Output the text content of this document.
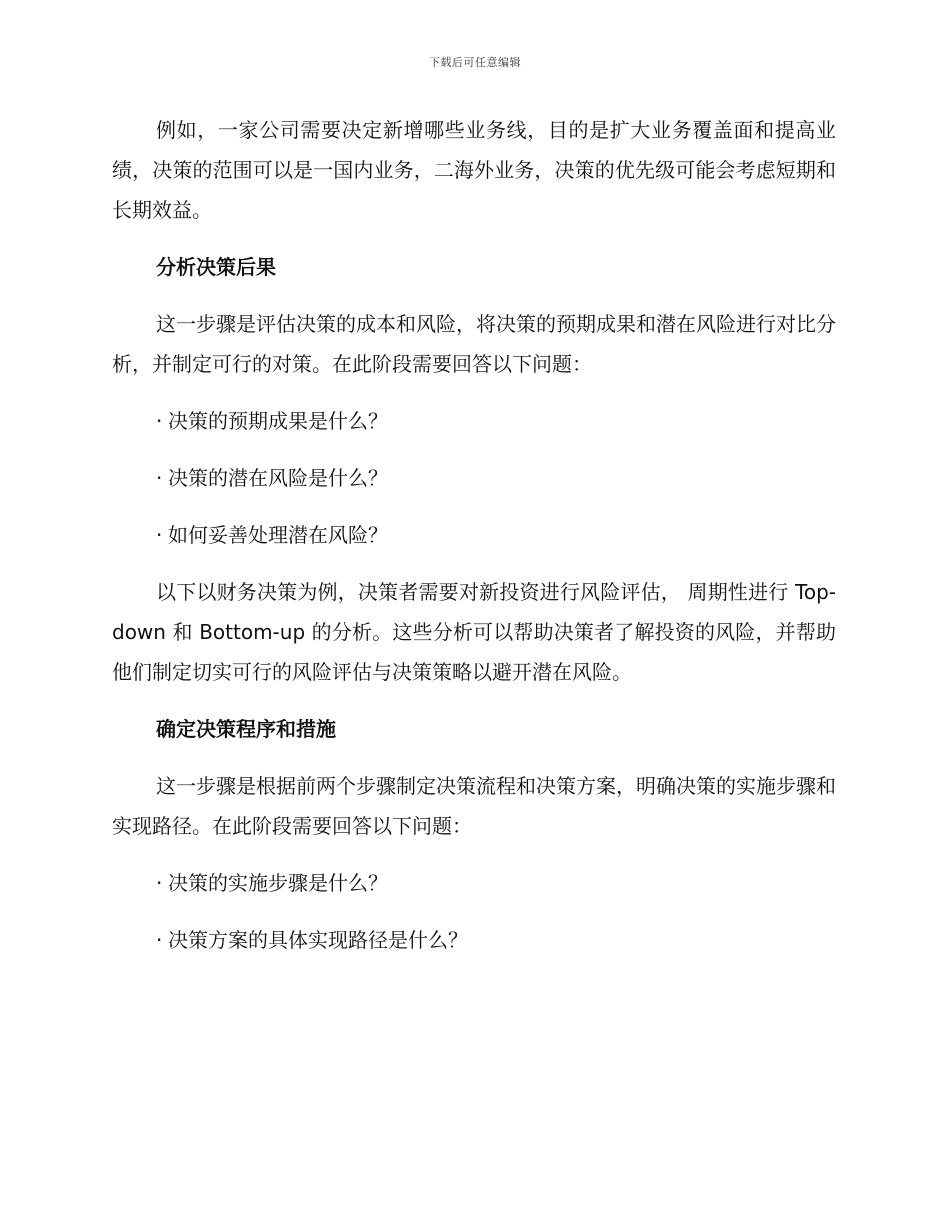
下载后可任意编辑

例如，一家公司需要决定新增哪些业务线，目的是扩大业务覆盖面和提高业绩，决策的范围可以是一国内业务，二海外业务，决策的优先级可能会考虑短期和长期效益。

分析决策后果

这一步骤是评估决策的成本和风险，将决策的预期成果和潜在风险进行对比分析，并制定可行的对策。在此阶段需要回答以下问题：

· 决策的预期成果是什么？

· 决策的潜在风险是什么？

· 如何妥善处理潜在风险？

以下以财务决策为例，决策者需要对新投资进行风险评估， 周期性进行 Top-down 和 Bottom-up 的分析。这些分析可以帮助决策者了解投资的风险，并帮助他们制定切实可行的风险评估与决策策略以避开潜在风险。

确定决策程序和措施

这一步骤是根据前两个步骤制定决策流程和决策方案，明确决策的实施步骤和实现路径。在此阶段需要回答以下问题：

· 决策的实施步骤是什么？

· 决策方案的具体实现路径是什么？
